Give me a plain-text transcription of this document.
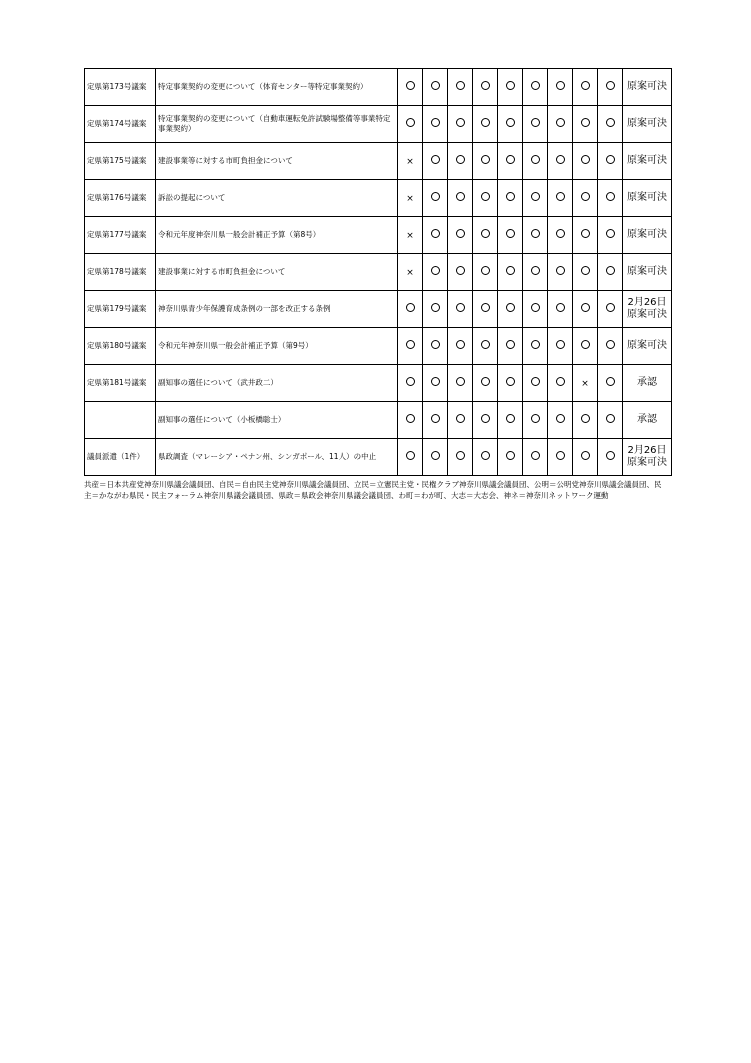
定県第173号議案	特定事業契約の変更について（体育センター等特定事業契約）										原案可決

定県第174号議案	特定事業契約の変更について（自動車運転免許試験場整備等事業特定事業契約）										原案可決

定県第175号議案	建設事業等に対する市町負担金について	×									原案可決

定県第176号議案	訴訟の提起について	×									原案可決

定県第177号議案	令和元年度神奈川県一般会計補正予算（第8号）	×									原案可決

定県第178号議案	建設事業に対する市町負担金について	×									原案可決

定県第179号議案	神奈川県青少年保護育成条例の一部を改正する条例										2月26日
原案可決

定県第180号議案	令和元年神奈川県一般会計補正予算（第9号）										原案可決

定県第181号議案	副知事の選任について（武井政二）								×		承認

	副知事の選任について（小板橋聡士）										承認

議員派遣（1件）	県政調査（マレーシア・ペナン州、シンガポール、11人）の中止										2月26日
原案可決
共産＝日本共産党神奈川県議会議員団、自民＝自由民主党神奈川県議会議員団、立民＝立憲民主党・民権クラブ神奈川県議会議員団、公明＝公明党神奈川県議会議員団、民主＝かながわ県民・民主フォーラム神奈川県議会議員団、県政＝県政会神奈川県議会議員団、わ町＝わが町、大志＝大志会、神ネ＝神奈川ネットワーク運動
